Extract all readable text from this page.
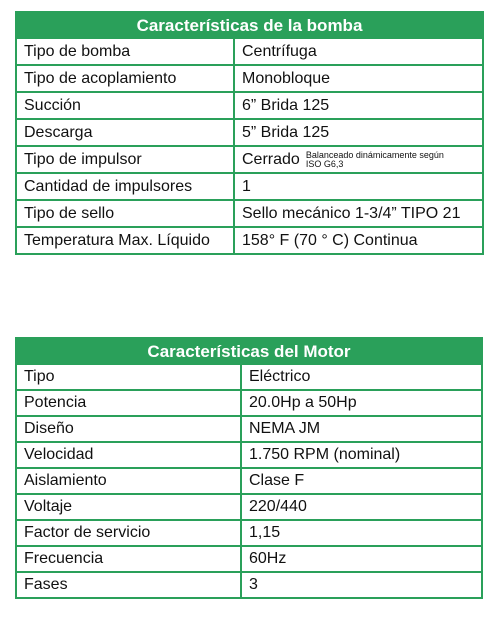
Características de la bomba	
Tipo de bomba	Centrífuga
Tipo de acoplamiento	Monobloque
Succión	6” Brida 125
Descarga	5” Brida 125
Tipo de impulsor	Cerrado Balanceado dinámicamente según ISO G6,3
Cantidad de impulsores	1
Tipo de sello	Sello mecánico 1-3/4” TIPO 21
Temperatura Max. Líquido	158° F (70 ° C) Continua
Características del Motor	
Tipo	Eléctrico
Potencia	20.0Hp a 50Hp
Diseño	NEMA JM
Velocidad	1.750 RPM (nominal)
Aislamiento	Clase F
Voltaje	220/440
Factor de servicio	1,15
Frecuencia	60Hz
Fases	3
